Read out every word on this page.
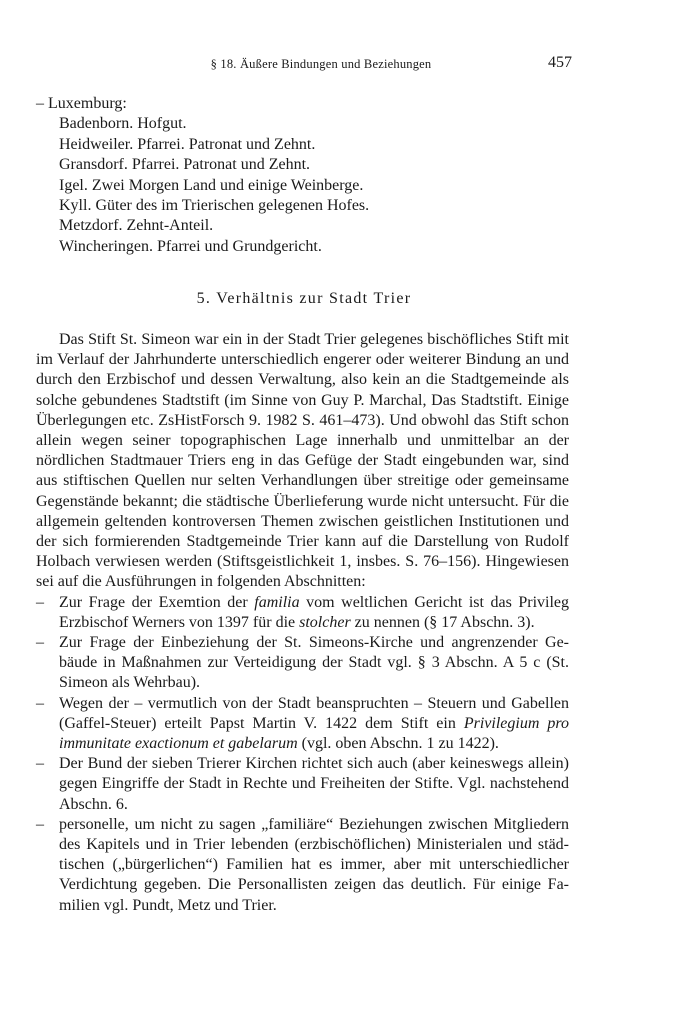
§ 18. Äußere Bindungen und Beziehungen	457
– Luxemburg:
Badenborn. Hofgut.
Heidweiler. Pfarrei. Patronat und Zehnt.
Gransdorf. Pfarrei. Patronat und Zehnt.
Igel. Zwei Morgen Land und einige Weinberge.
Kyll. Güter des im Trierischen gelegenen Hofes.
Metzdorf. Zehnt-Anteil.
Wincheringen. Pfarrei und Grundgericht.
5. Verhältnis zur Stadt Trier

Das Stift St. Simeon war ein in der Stadt Trier gelegenes bischöfliches Stift mit im Verlauf der Jahrhunderte unterschiedlich engerer oder weiterer Bindung an und durch den Erzbischof und dessen Verwaltung, also kein an die Stadtgemeinde als solche gebundenes Stadtstift (im Sinne von Guy P. Marchal, Das Stadtstift. Einige Überlegungen etc. ZsHistForsch 9. 1982 S. 461–473). Und obwohl das Stift schon allein wegen seiner topographischen Lage innerhalb und unmittelbar an der nördlichen Stadtmauer Triers eng in das Gefüge der Stadt eingebunden war, sind aus stiftischen Quellen nur selten Verhandlungen über streitige oder gemeinsame Gegenstände bekannt; die städtische Überlieferung wurde nicht untersucht. Für die allgemein geltenden kontroversen Themen zwischen geistlichen Institutionen und der sich formierenden Stadtgemeinde Trier kann auf die Darstellung von Rudolf Holbach verwiesen werden (Stiftsgeistlichkeit 1, insbes. S. 76–156). Hingewiesen sei auf die Ausführungen in folgenden Abschnitten:

– Zur Frage der Exemtion der familia vom weltlichen Gericht ist das Privileg Erzbischof Werners von 1397 für die stolcher zu nennen (§ 17 Abschn. 3).
– Zur Frage der Einbeziehung der St. Simeons-Kirche und angrenzender Gebäude in Maßnahmen zur Verteidigung der Stadt vgl. § 3 Abschn. A 5 c (St. Simeon als Wehrbau).
– Wegen der – vermutlich von der Stadt beanspruchten – Steuern und Gabellen (Gaffel-Steuer) erteilt Papst Martin V. 1422 dem Stift ein Privilegium pro immunitate exactionum et gabelarum (vgl. oben Abschn. 1 zu 1422).
– Der Bund der sieben Trierer Kirchen richtet sich auch (aber keineswegs allein) gegen Eingriffe der Stadt in Rechte und Freiheiten der Stifte. Vgl. nachstehend Abschn. 6.
– personelle, um nicht zu sagen „familiäre“ Beziehungen zwischen Mitgliedern des Kapitels und in Trier lebenden (erzbischöflichen) Ministerialen und städtischen („bürgerlichen“) Familien hat es immer, aber mit unterschiedlicher Verdichtung gegeben. Die Personallisten zeigen das deutlich. Für einige Familien vgl. Pundt, Metz und Trier.
